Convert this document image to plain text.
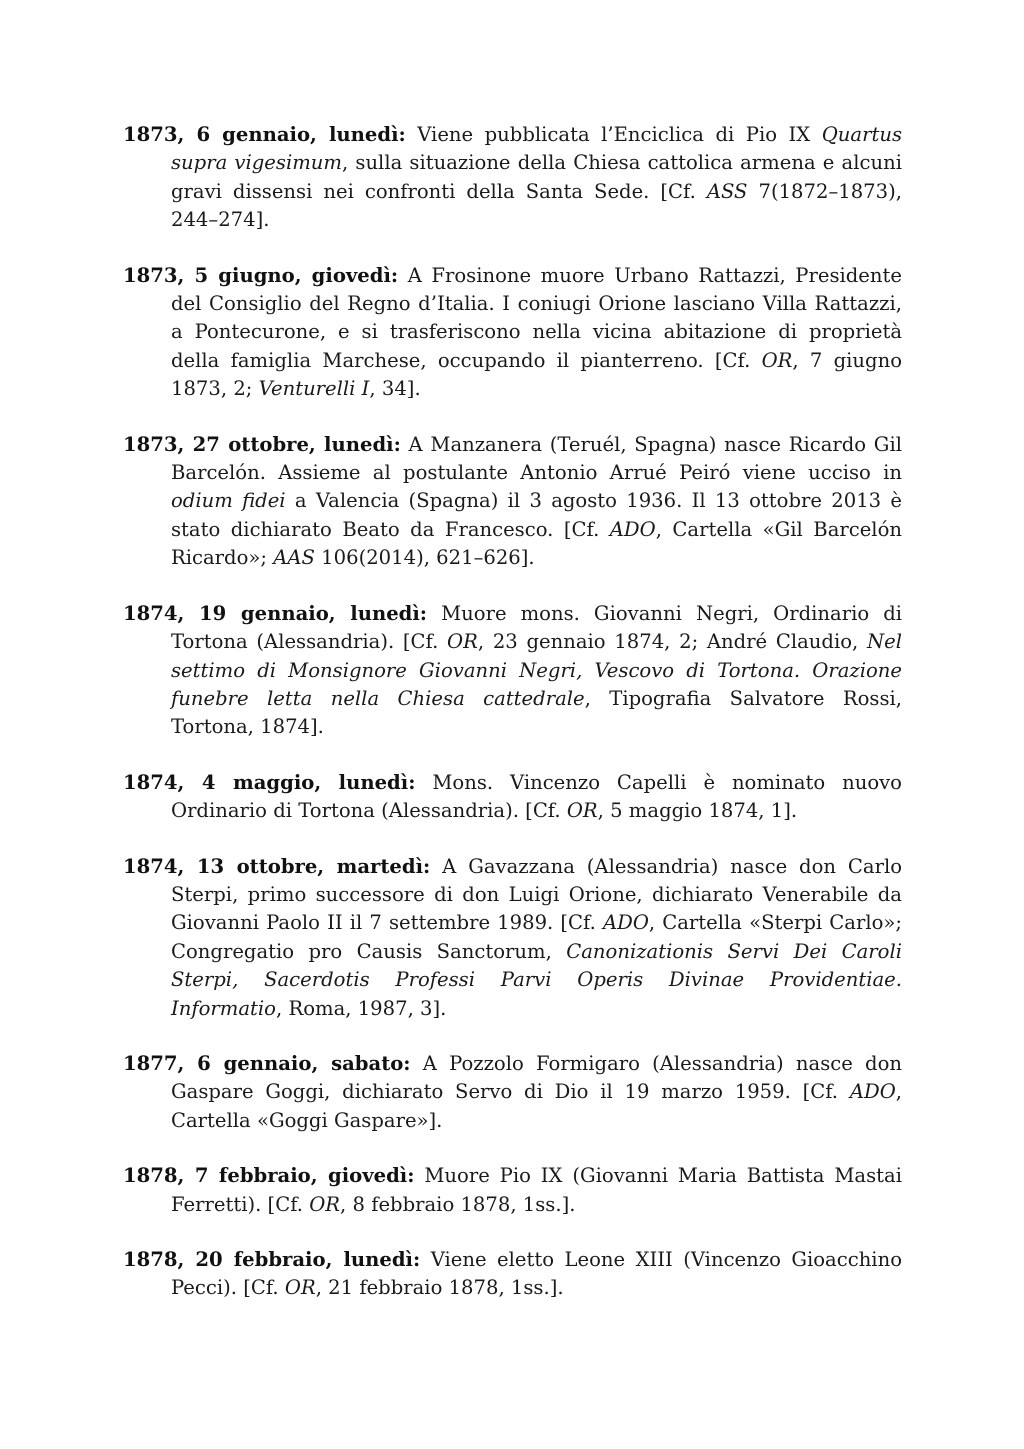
1873, 6 gennaio, lunedì: Viene pubblicata l’Enciclica di Pio IX Quartus supra vigesimum, sulla situazione della Chiesa cattolica armena e alcuni gravi dissensi nei confronti della Santa Sede. [Cf. ASS 7(1872–1873), 244–274].

1873, 5 giugno, giovedì: A Frosinone muore Urbano Rattazzi, Presidente del Consiglio del Regno d’Italia. I coniugi Orione lasciano Villa Rattazzi, a Pontecurone, e si trasferiscono nella vicina abitazione di proprietà della famiglia Marchese, occupando il pianterreno. [Cf. OR, 7 giugno 1873, 2; Venturelli I, 34].

1873, 27 ottobre, lunedì: A Manzanera (Teruél, Spagna) nasce Ricardo Gil Barcelón. Assieme al postulante Antonio Arrué Peiró viene ucciso in odium fidei a Valencia (Spagna) il 3 agosto 1936. Il 13 ottobre 2013 è stato dichiarato Beato da Francesco. [Cf. ADO, Cartella «Gil Barcelón Ricardo»; AAS 106(2014), 621–626].

1874, 19 gennaio, lunedì: Muore mons. Giovanni Negri, Ordinario di Tortona (Alessandria). [Cf. OR, 23 gennaio 1874, 2; André Claudio, Nel settimo di Monsignore Giovanni Negri, Vescovo di Tortona. Orazione funebre letta nella Chiesa cattedrale, Tipografia Salvatore Rossi, Tortona, 1874].

1874, 4 maggio, lunedì: Mons. Vincenzo Capelli è nominato nuovo Ordinario di Tortona (Alessandria). [Cf. OR, 5 maggio 1874, 1].

1874, 13 ottobre, martedì: A Gavazzana (Alessandria) nasce don Carlo Sterpi, primo successore di don Luigi Orione, dichiarato Venerabile da Giovanni Paolo II il 7 settembre 1989. [Cf. ADO, Cartella «Sterpi Carlo»; Congregatio pro Causis Sanctorum, Canonizationis Servi Dei Caroli Sterpi, Sacerdotis Professi Parvi Operis Divinae Providentiae. Informatio, Roma, 1987, 3].

1877, 6 gennaio, sabato: A Pozzolo Formigaro (Alessandria) nasce don Gaspare Goggi, dichiarato Servo di Dio il 19 marzo 1959. [Cf. ADO, Cartella «Goggi Gaspare»].

1878, 7 febbraio, giovedì: Muore Pio IX (Giovanni Maria Battista Mastai Ferretti). [Cf. OR, 8 febbraio 1878, 1ss.].

1878, 20 febbraio, lunedì: Viene eletto Leone XIII (Vincenzo Gioacchino Pecci). [Cf. OR, 21 febbraio 1878, 1ss.].
